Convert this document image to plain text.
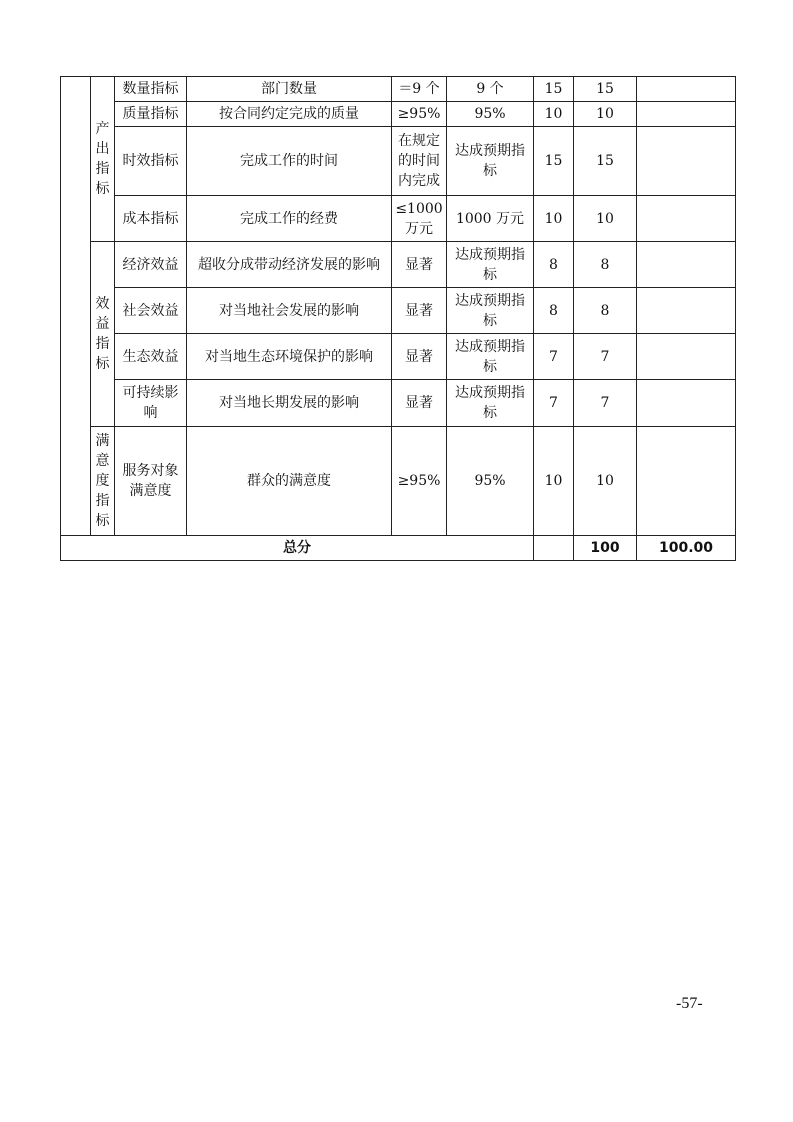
	产出指标	数量指标	部门数量	＝9 个	9 个	15	15		
		质量指标	按合同约定完成的质量	≥95%	95%	10	10		
		时效指标	完成工作的时间	在规定的时间内完成	达成预期指标	15	15		
		成本指标	完成工作的经费	≤1000 万元	1000 万元	10	10		
	效益指标	经济效益	超收分成带动经济发展的影响	显著	达成预期指标	8	8		
		社会效益	对当地社会发展的影响	显著	达成预期指标	8	8		
		生态效益	对当地生态环境保护的影响	显著	达成预期指标	7	7		
		可持续影响	对当地长期发展的影响	显著	达成预期指标	7	7		
	满意度指标	服务对象满意度	群众的满意度	≥95%	95%	10	10		
总分							100	100.00	
-57-
